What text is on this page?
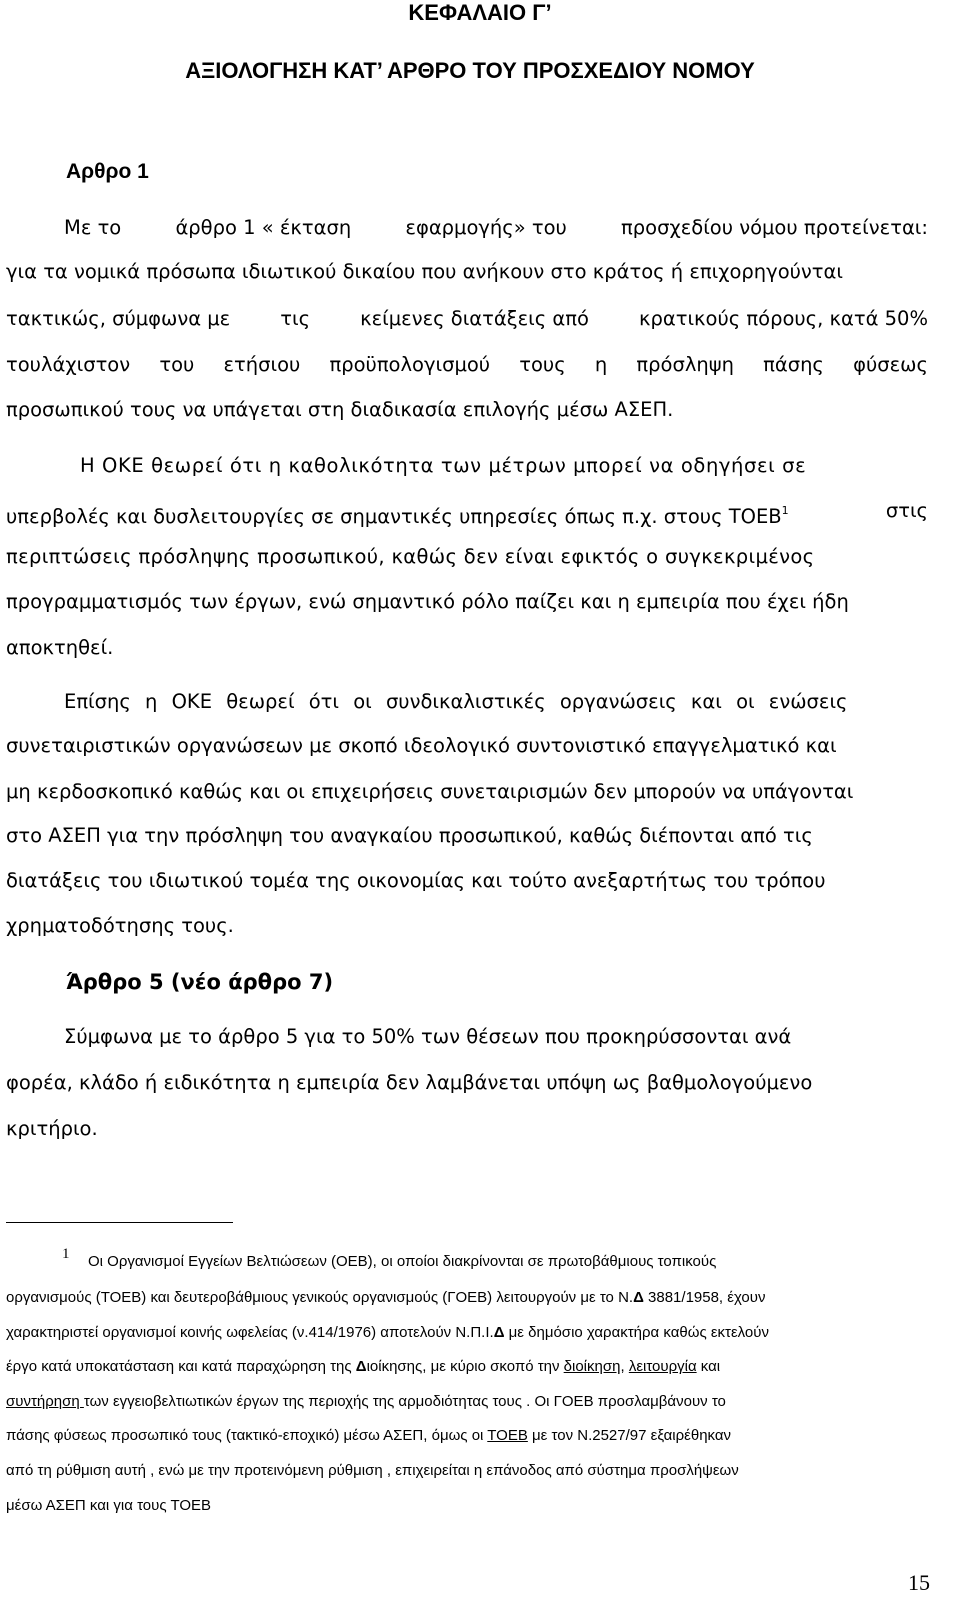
ΚΕΦΑΛΑΙΟ Γ’
ΑΞΙΟΛΟΓΗΣΗ ΚΑΤ’ ΑΡΘΡΟ ΤΟΥ ΠΡΟΣΧΕΔΙΟΥ ΝΟΜΟΥ
Αρθρο 1
Με το	άρθρο 1 « έκταση	εφαρμογής» του	προσχεδίου νόμου προτείνεται:
για τα νομικά πρόσωπα ιδιωτικού δικαίου που ανήκουν στο κράτος ή επιχορηγούνται
τακτικώς, σύμφωνα με	τις	κείμενες διατάξεις από	κρατικούς πόρους, κατά 50%
τουλάχιστον του ετήσιου προϋπολογισμού τους η πρόσληψη πάσης φύσεως
προσωπικού τους να υπάγεται στη διαδικασία επιλογής μέσω ΑΣΕΠ.
Η ΟΚΕ θεωρεί ότι η καθολικότητα των μέτρων μπορεί να οδηγήσει σε
υπερβολές και δυσλειτουργίες σε σημαντικές υπηρεσίες όπως π.χ. στους ΤΟΕΒ$^1$	στις
περιπτώσεις πρόσληψης προσωπικού, καθώς δεν είναι εφικτός ο συγκεκριμένος
προγραμματισμός των έργων, ενώ σημαντικό ρόλο παίζει και η εμπειρία που έχει ήδη
αποκτηθεί.
Επίσης η ΟΚΕ θεωρεί ότι οι συνδικαλιστικές οργανώσεις και οι ενώσεις
συνεταιριστικών οργανώσεων με σκοπό ιδεολογικό συντονιστικό επαγγελματικό και
μη κερδοσκοπικό καθώς και οι επιχειρήσεις συνεταιρισμών δεν μπορούν να υπάγονται
στο ΑΣΕΠ για την πρόσληψη του αναγκαίου προσωπικού, καθώς διέπονται από τις
διατάξεις του ιδιωτικού τομέα της οικονομίας και τούτο ανεξαρτήτως του τρόπου
χρηματοδότησης τους.
Άρθρο 5 (νέο άρθρο 7)
Σύμφωνα με το άρθρο 5 για το 50% των θέσεων που προκηρύσσονται ανά
φορέα, κλάδο ή ειδικότητα η εμπειρία δεν λαμβάνεται υπόψη ως βαθμολογούμενο
κριτήριο.
1 Οι Οργανισμοί Εγγείων Βελτιώσεων (ΟΕΒ), οι οποίοι διακρίνονται σε πρωτοβάθμιους τοπικούς
οργανισμούς (ΤΟΕΒ) και δευτεροβάθμιους γενικούς οργανισμούς (ΓΟΕΒ) λειτουργούν με το Ν.Δ 3881/1958, έχουν
χαρακτηριστεί οργανισμοί κοινής ωφελείας (ν.414/1976) αποτελούν Ν.Π.Ι.Δ με δημόσιο χαρακτήρα καθώς εκτελούν
έργο κατά υποκατάσταση και κατά παραχώρηση της Διοίκησης, με κύριο σκοπό την διοίκηση, λειτουργία και
συντήρηση των εγγειοβελτιωτικών έργων της περιοχής της αρμοδιότητας τους . Οι ΓΟΕΒ προσλαμβάνουν το
πάσης φύσεως προσωπικό τους (τακτικό-εποχικό) μέσω ΑΣΕΠ, όμως οι ΤΟΕΒ με τον Ν.2527/97 εξαιρέθηκαν
από τη ρύθμιση αυτή , ενώ με την προτεινόμενη ρύθμιση , επιχειρείται η επάνοδος από σύστημα προσλήψεων
μέσω ΑΣΕΠ και για τους ΤΟΕΒ
15
